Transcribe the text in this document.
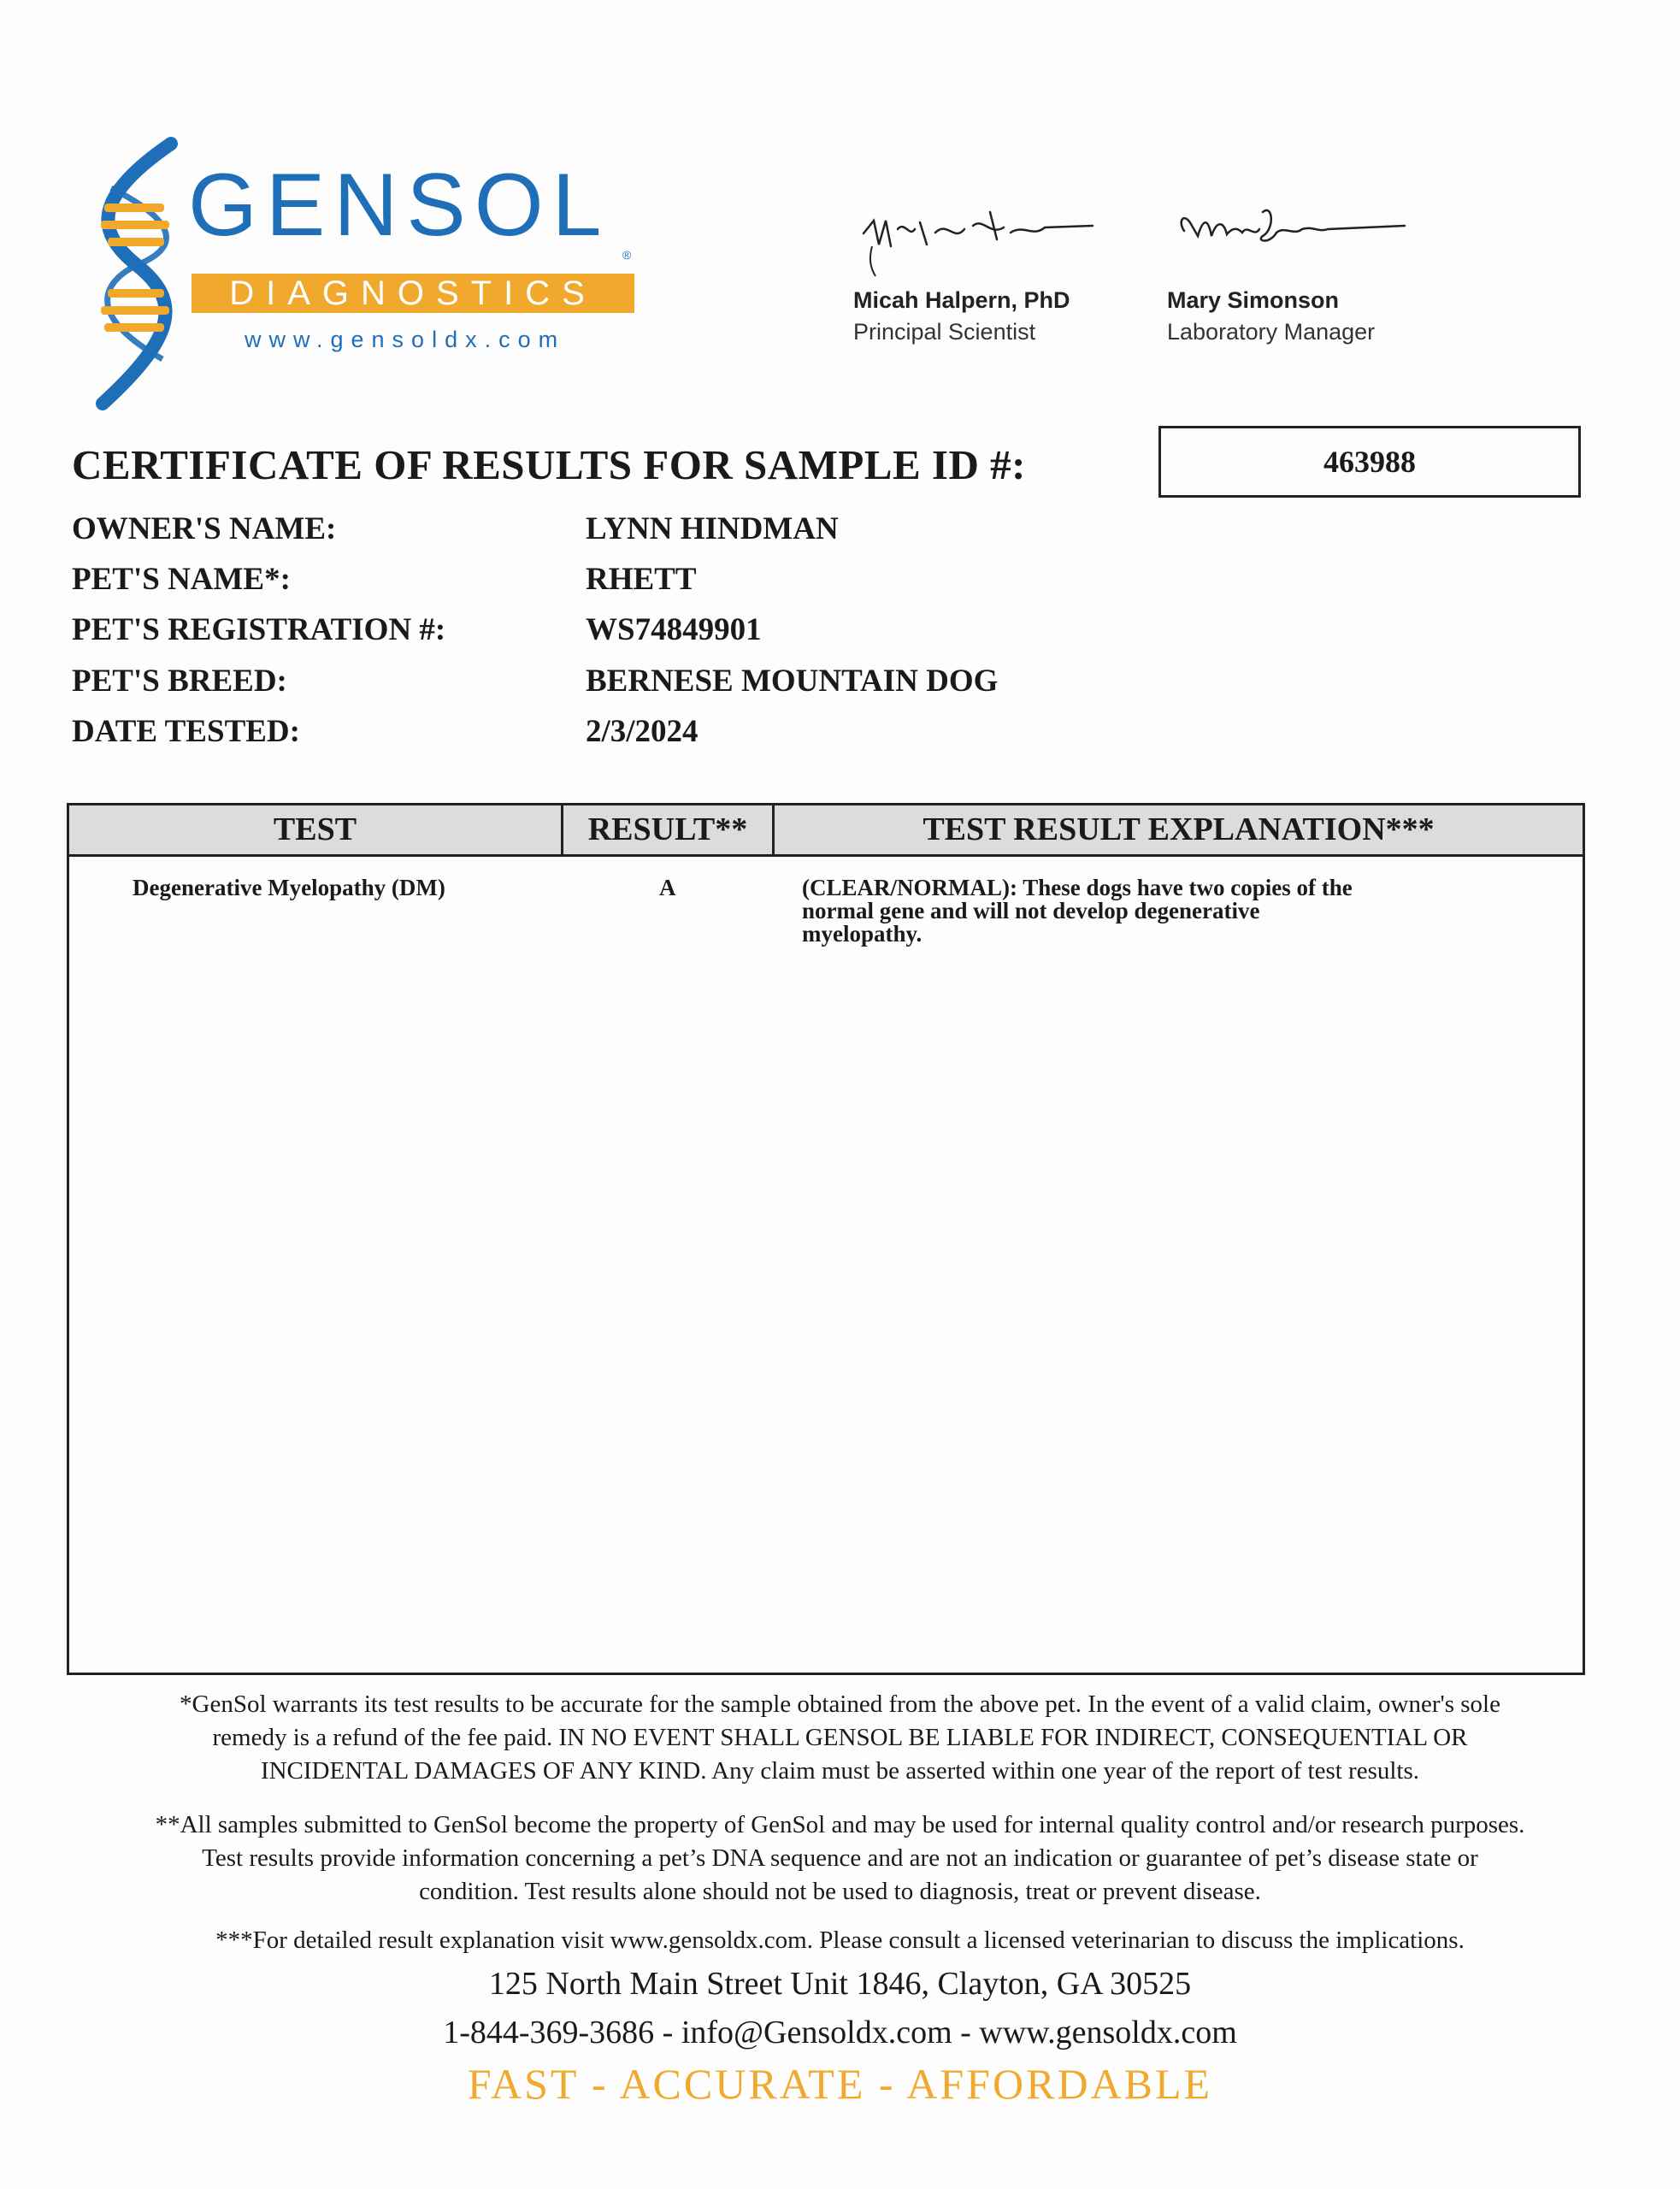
GENSOL ®
DIAGNOSTICS
www.gensoldx.com
Micah Halpern, PhD
Principal Scientist
Mary Simonson
Laboratory Manager
CERTIFICATE OF RESULTS FOR SAMPLE ID #:	463988
OWNER'S NAME:	LYNN HINDMAN
PET'S NAME*:	RHETT
PET'S REGISTRATION #:	WS74849901
PET'S BREED:	BERNESE MOUNTAIN DOG
DATE TESTED:	2/3/2024
TEST	RESULT**	TEST RESULT EXPLANATION***
Degenerative Myelopathy (DM)	A	(CLEAR/NORMAL): These dogs have two copies of the
normal gene and will not develop degenerative
myelopathy.
*GenSol warrants its test results to be accurate for the sample obtained from the above pet. In the event of a valid claim, owner's sole
remedy is a refund of the fee paid. IN NO EVENT SHALL GENSOL BE LIABLE FOR INDIRECT, CONSEQUENTIAL OR
INCIDENTAL DAMAGES OF ANY KIND. Any claim must be asserted within one year of the report of test results.
**All samples submitted to GenSol become the property of GenSol and may be used for internal quality control and/or research purposes.
Test results provide information concerning a pet’s DNA sequence and are not an indication or guarantee of pet’s disease state or
condition. Test results alone should not be used to diagnosis, treat or prevent disease.
***For detailed result explanation visit www.gensoldx.com. Please consult a licensed veterinarian to discuss the implications.
125 North Main Street Unit 1846, Clayton, GA 30525
1-844-369-3686 - info@Gensoldx.com - www.gensoldx.com
FAST - ACCURATE - AFFORDABLE
